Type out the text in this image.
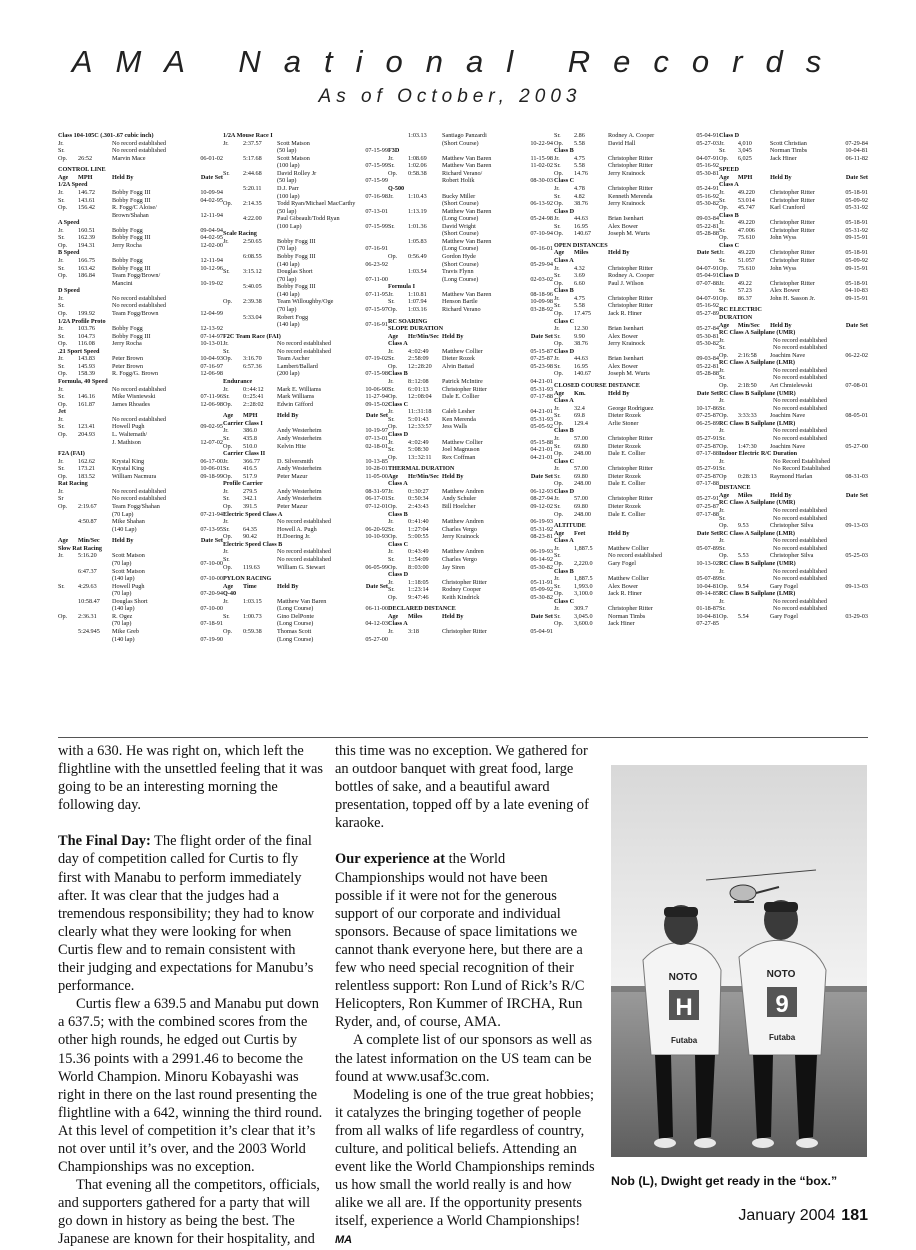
AMA National Records
As of October, 2003
Class 104-105C (.301-.67 cubic inch)
Jr.	No record established
Sr.	No record established
Op.	26:52	Marvin Mace	06-01-02
CONTROL LINE
Age	MPH	Held By	Date Set
1/2A Speed
Jr.	146.72	Bobby Fogg III	10-09-94
Sr.	143.61	Bobby Fogg III	04-02-95
Op.	156.42	R. Fogg/C Aloise/
Brown/Shahan	12-11-94
A Speed
Jr.	160.51	Bobby Fogg	09-04-94
Sr.	162.39	Bobby Fogg III	04-02-95
Op.	194.31	Jerry Rocha	12-02-00
B Speed
Jr.	166.75	Bobby Fogg	12-11-94
Sr.	163.42	Bobby Fogg III	10-12-96
Op.	186.84	Team Fogg/Brown/
Mancini	10-19-02
D Speed
Jr.	No record established
Sr.	No record established
Op.	199.92	Team Fogg/Brown	12-04-99
1/2A Profile Proto
Jr.	103.76	Bobby Fogg	12-13-92
Sr.	104.73	Bobby Fogg III	07-14-97
Op.	116.08	Jerry Rocha	10-13-01
.21 Sport Speed
Jr.	143.83	Peter Brown	10-04-93
Sr.	145.93	Peter Brown	07-16-97
Op.	158.39	R. Fogg/G. Brown	12-06-98
Formula, 40 Speed
Jr.	No record established
Sr.	146.16	Mike Wisniewski	07-11-96
Op.	161.87	James Rhoades	12-06-98
Jet
Jr.	No record established
Sr.	123.41	Howell Pugh	09-02-95
Op.	204.93	L. Waltemath/
J. Mathison	12-07-02
F2A (FAI)
Jr.	162.62	Krystal King	06-17-00
Sr.	173.21	Krystal King	10-06-01
Op.	183.52	William Nacmura	09-18-99
Rat Racing
Jr.	No record established
Sr	No record established
Op.	2:19.67	Team Fogg/Shahan
(70 Lap)	07-21-94
4:50.87	Mike Shahan
(140 Lap)	07-13-95
Age	Min/Sec	Held By	Date Set
Slow Rat Racing
Jr.	5:16.20	Scott Matson
(70 lap)	07-10-00
6:47.37	Scott Matson
(140 lap)	07-10-00
Sr.	4:29.63	Howell Pugh
(70 lap)	07-20-94
10:58.47	Douglas Short
(140 lap)	07-10-00
Op.	2:36.31	R. Ogez
(70 lap)	07-18-91
5:24.945	Mike Greb
(140 lap)	07-19-90
1/2A Mouse Race I
Jr.	2:37.57	Scott Matson
(50 lap)	07-15-99
5:17.68	Scott Matson
(100 lap)	07-15-99
Sr.	2:44.68	David Rolley Jr
(50 lap)	07-15-99
5:20.11	D.J. Parr
(100 lap)	07-16-98
Op.	2:14.35	Todd Ryan/Michael MacCarthy
(50 lap)	07-13-01
4:22.00	Paul Gibeault/Todd Ryan
(100 Lap)	07-15-99
Scale Racing
Jr.	2:50.65	Bobby Fogg III
(70 lap)	07-16-91
6:08.55	Bobby Fogg III
(140 lap)	06-23-92
Sr.	3:15.12	Douglas Short
(70 lap)	07-11-00
5:40.05	Bobby Fogg III
(140 lap)	07-11-95
Op.	2:39.38	Team Willoughby/Oge
(70 lap)	07-15-97
5:33.04	Robert Fogg
(140 lap)	07-16-91
F2C Team Race (FAI)
Jr.	No record established
Sr.	No record established
Op.	3:16.70	Team Ascher	07-19-02
6:57.36	Lambert/Ballard
(200 lap)	07-15-98
Endurance
Jr.	0::44:12	Mark E. Williams	10-06-90
Sr.	0::25:41	Mark Williams	11-27-94
Op.	2::28:02	Edwin Gifford	09-15-02
Age	MPH	Held By	Date Set
Carrier Class I
Jr.	386.0	Andy Westerheim	10-19-97
Sr.	435.8	Andy Westerheim	07-13-01
Op.	510.0	Kelvin Hite	02-18-01
Carrier Class II
Jr.	366.77	D. Silversmith	10-13-85
Sr.	416.5	Andy Westerheim	10-28-01
Op.	517.9	Peter Mazur	11-05-00
Profile Carrier
Jr.	279.5	Andy Westerheim	08-31-97
Sr.	342.1	Andy Westerheim	06-17-01
Op.	391.5	Peter Mazur	07-12-01
Electric Speed Class A
Jr.	No record established
Sr.	64.35	Howell A. Pugh	06-20-92
Op.	90.42	H.Doering Jr.	10-10-93
Electric Speed Class B
Jr.	No record established
Sr.	No record established
Op.	119.63	William G. Stewart	06-05-99
PYLON RACING
Age	Time	Held By	Date Set
Q-40
Jr.	1:03.15	Matthew Van Baren
(Long Course)	06-11-00
Sr.	1:00.73	Gino DelPonte
(Long Course)	04-12-03
Op.	0:59.38	Thomas Scott
(Long Course)	05-27-00
1:03.13	Santiago Panzardi
(Short Course)	10-22-94
F3D
Jr.	1:08.69	Matthew Van Baren	11-15-98
Sr.	1:02.06	Matthew Van Baren	11-02-02
Op.	0:58.38	Richard Verano/
Robert Holik	08-30-03
Q-500
Jr.	1:10.43	Bucky Miller
(Short Course)	06-13-92
1:13.19	Matthew Van Baren
(Long Course)	05-24-98
Sr.	1:01.36	David Wright
(Short Course)	07-10-94
1:05.83	Matthew Van Baren
(Long Course)	06-16-01
Op.	0:56.49	Gordon Hyde
(Short Course)	05-29-94
1:03.54	Travis Flynn
(Long Course)	02-03-02
Formula I
Jr.	1:10.81	Matthew Van Baren	08-18-96
Sr.	1:07.94	Henson Bartle	10-09-98
Op.	1:03.16	Richard Verano	03-28-92
RC SOARING
SLOPE DURATION
Age	Hr/Min/Sec Held By	Date Set
Class A
Jr.	4::02:49	Matthew Collier	05-15-87
Sr.	2::58:09	Dieter Rozek	07-25-87
Op.	12::28:20	Alvin Battad	05-23-98
Class B
Jr.	8::12:08	Patrick McIntire	04-21-01
Sr.	6::01:13	Christopher Ritter	05-31-93
Op.	12::08:04	Dale E. Collier	07-17-88
Class C
Jr.	11::31:18	Caleb Lesher	04-21-01
Sr.	5::01:43	Ken Merenda	05-31-93
Op.	12::33:57	Jess Walls	05-05-92
Class D
Jr.	4::02:49	Matthew Collier	05-15-88
Sr.	5::08:30	Joel Magnuson	04-21-01
Op.	13::32:11	Rex Coffman	04-21-01
THERMAL DURATION
Age	Hr/Min/Sec Held By	Date Set
Class A
Jr.	0::30:27	Matthew Andren	06-12-93
Sr.	0::50:34	Andy Schuler	08-27-94
Op.	2::43:43	Bill Hoelcher	09-12-02
Class B
Jr.	0::41:40	Matthew Andren	06-19-93
Sr.	1::27:04	Charles Vergo	05-31-92
Op.	5::00:55	Jerry Krainock	08-23-81
Class C
Jr.	0::43:49	Matthew Andren	06-19-93
Sr.	1::54:09	Charles Vergo	06-14-92
Op.	8::03:00	Jay Siren	05-30-82
Class D
Jr.	1::18:05	Christopher Ritter	05-11-91
Sr.	1::23:14	Rodney Cooper	05-09-92
Op.	9::47:46	Keith Kindrick	05-30-82
DECLARED DISTANCE
Age	Miles	Held By	Date Set
Class A
Jr.	3:18	Christopher Ritter	05-04-91
Sr.	2.86	Rodney A. Cooper	05-04-91
Op.	5.58	David Hall	05-27-03
Class B
Jr.	4.75	Christopher Ritter	04-07-91
Sr.	5.58	Christopher Ritter	05-16-92
Op.	14.76	Jerry Krainock	05-30-81
Class C
Jr.	4.78	Christopher Ritter	05-24-91
Sr.	4.82	Kenneth Merenda	05-16-92
Op.	38.76	Jerry Krainock	05-30-82
Class D
Jr.	44.63	Brian Isenhart	09-03-84
Sr.	16.95	Alex Bower	05-22-81
Op.	140.67	Joseph M. Wurts	05-28-88
OPEN DISTANCES
Age	Miles	Held By	Date Set
Class A
Jr.	4.32	Christopher Ritter	04-07-91
Sr.	3.69	Rodney A. Cooper	05-04-91
Op.	6.60	Paul J. Wilson	07-07-88
Class B
Jr.	4.75	Christopher Ritter	04-07-91
Sr.	5.58	Christopher Ritter	05-16-92
Op.	17.475	Jack R. Hiner	05-27-89
Class C
Jr.	12.30	Brian Isenhart	05-27-84
Sr.	9.90	Alex Bower	05-30-81
Op.	38.76	Jerry Krainock	05-30-82
Class D
Jr.	44.63	Brian Isenhart	09-03-84
Sr.	16.95	Alex Bower	05-22-81
Op.	140.67	Joseph M. Wurts	05-28-88
CLOSED COURSE DISTANCE
Age	Km.	Held By	Date Set
Class A
Jr.	32.4	George Rodriguez	10-17-86
Sr.	69.8	Dieter Rozek	07-25-87
Op.	129.4	Arlie Stoner	06-25-89
Class B
Jr.	57.00	Christopher Ritter	05-27-91
Sr.	69.80	Dieter Rozek	07-25-87
Op.	248.00	Dale E. Collier	07-17-88
Class C
Jr.	57.00	Christopher Ritter	05-27-91
Sr.	69.80	Dieter Rozek	07-25-87
Op.	248.00	Dale E. Collier	07-17-88
Class D
Jr.	57.00	Christopher Ritter	05-27-91
Sr.	69.80	Dieter Rozek	07-25-87
Op.	248.00	Dale E. Collier	07-17-88
ALTITUDE
Age	Feet	Held By	Date Set
Class A
Jr.	1,887.5	Matthew Collier	05-07-89
Sr.	No record established
Op.	2,220.0	Gary Fogel	10-13-02
Class B
Jr.	1,887.5	Matthew Collier	05-07-89
Sr.	1,993.0	Alex Bower	10-04-81
Op.	3,100.0	Jack R. Hiner	09-14-85
Class C
Jr.	309.7	Christopher Ritter	01-18-87
Sr.	3,045.0	Norman Timbs	10-04-81
Op.	3,600.0	Jack Hiner	07-27-85
Class D
Jr.	4,010	Scott Christian	07-29-84
Sr.	3,045	Norman Timbs	10-04-81
Op.	6,025	Jack Hiner	06-11-82
SPEED
Age	MPH	Held By	Date Set
Class A
Jr.	49.220	Christopher Ritter	05-18-91
Sr.	53.014	Christopher Ritter	05-09-92
Op.	45.747	Karl Cranford	05-31-92
Class B
Jr.	49.220	Christopher Ritter	05-18-91
Sr.	47.006	Christopher Ritter	05-31-92
Op.	75.610	John Wyss	09-15-91
Class C
Jr.	49.220	Christopher Ritter	05-18-91
Sr.	51.057	Christopher Ritter	05-09-92
Op.	75.610	John Wyss	09-15-91
Class D
Jr.	49.22	Christopher Ritter	05-18-91
Sr.	57.23	Alex Bower	04-10-83
Op.	86.37	John H. Sasson Jr.	09-15-91
RC ELECTRIC
DURATION
Age	Min/Sec	Held By	Date Set
RC Class A Sailplane (UMR)
Jr.	No record established
Sr.	No record established
Op.	2:16:58	Joachim Nave	06-22-02
RC Class A Sailplane (LMR)
Jr.	No record established
Sr.	No record established
Op.	2:18:50	Art Chmielewski	07-08-01
RC Class B Sailplane (UMR)
Jr.	No record established
Sr.	No record established
Op.	3:33:33	Joachim Nave	08-05-01
RC Class B Sailplane (LMR)
Jr.	No record established
Sr.	No record established
Op.	1:47:30	Joachim Nave	05-27-00
Indoor Electric R/C Duration
Jr.	No Record Established
Sr.	No Record Established
Op	0:28:13	Raymond Harlan	08-31-03
DISTANCE
Age	Miles	Held By	Date Set
RC Class A Sailplane (UMR)
Jr.	No record established
Sr.	No record established
Op.	9.53	Christopher Silva	09-13-03
RC Class A Sailplane (LMR)
Jr.	No record established
Sr.	No record established
Op.	5.53	Christopher Silva	05-25-03
RC Class B Sailplane (UMR)
Jr.	No record established
Sr.	No record established
Op.	9.54	Gary Fogel	09-13-03
RC Class B Sailplane (LMR)
Jr.	No record established
Sr.	No record established
Op.	5.54	Gary Fogel	03-29-03

with a 630. He was right on, which left the flightline with the unsettled feeling that it was going to be an interesting morning the following day.

The Final Day: The flight order of the final day of competition called for Curtis to fly first with Manabu to perform immediately after. It was clear that the judges had a tremendous responsibility; they had to know clearly what they were looking for when Curtis flew and to remain consistent with their judging and expectations for Manubu’s performance.

Curtis flew a 639.5 and Manabu put down a 637.5; with the combined scores from the other high rounds, he edged out Curtis by 15.36 points with a 2991.46 to become the World Champion. Minoru Kobayashi was right in there on the last round presenting the flightline with a 642, winning the third round. At this level of competition it’s clear that it’s not over until it’s over, and the 2003 World Championships was no exception.

That evening all the competitors, officials, and supporters gathered for a party that will go down in history as being the best. The Japanese are known for their hospitality, and

this time was no exception. We gathered for an outdoor banquet with great food, large bottles of sake, and a beautiful award presentation, topped off by a late evening of karaoke.

Our experience at the World Championships would not have been possible if it were not for the generous support of our corporate and individual sponsors. Because of space limitations we cannot thank everyone here, but there are a few who need special recognition of their relentless support: Ron Lund of Rick’s R/C Helicopters, Ron Kummer of IRCHA, Run Ryder, and, of course, AMA.

A complete list of our sponsors as well as the latest information on the US team can be found at www.usaf3c.com.

Modeling is one of the true great hobbies; it catalyzes the bringing together of people from all walks of life regardless of country, culture, and political beliefs. Attending an event like the World Championships reminds us how small the world really is and how alike we all are. If the opportunity presents itself, experience a World Championships! MA

NOTO
H
Futaba
NOTO
9
Futaba
Nob (L), Dwight get ready in the “box.”
January 2004 181
